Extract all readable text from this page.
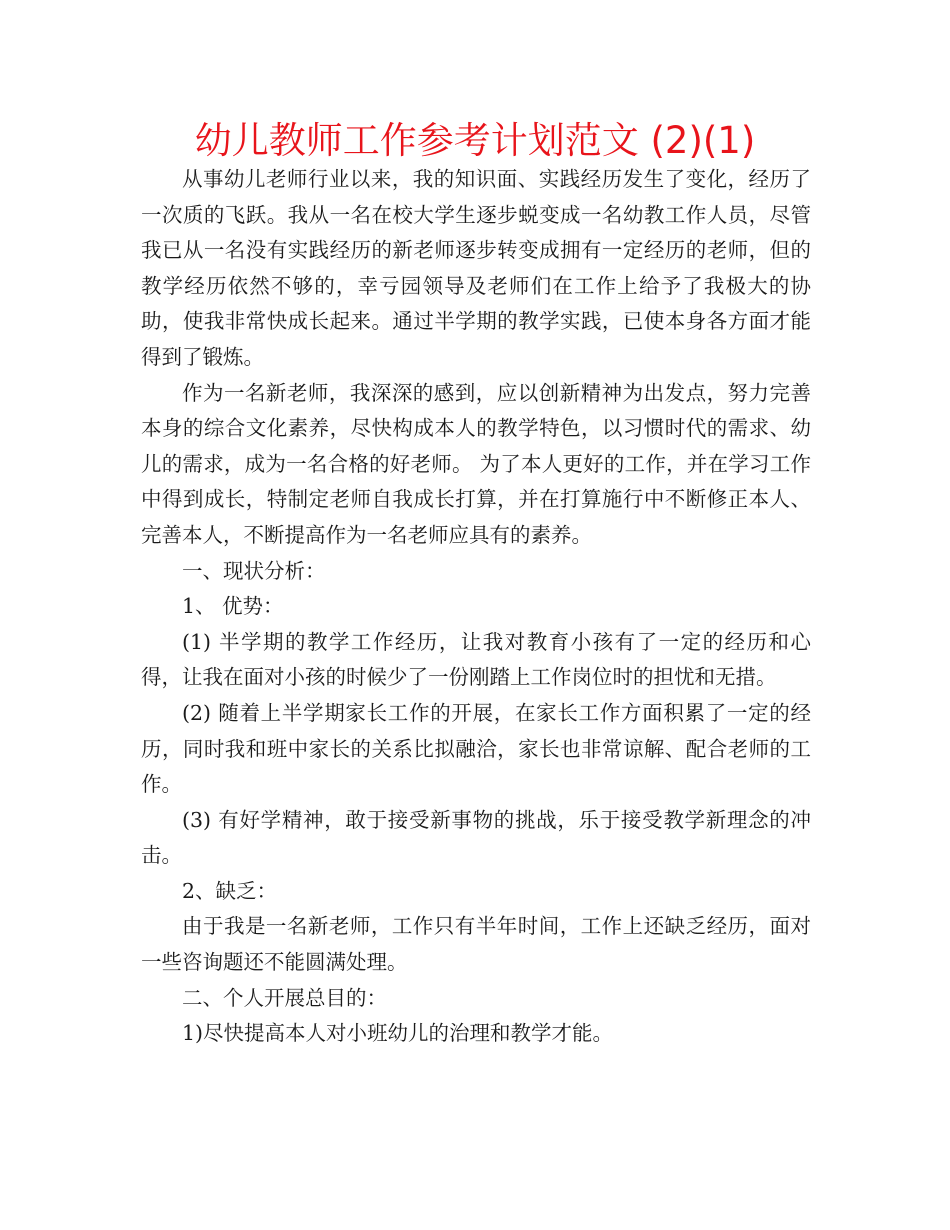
幼儿教师工作参考计划范文 (2)(1)

从事幼儿老师行业以来，我的知识面、实践经历发生了变化，经历了一次质的飞跃。我从一名在校大学生逐步蜕变成一名幼教工作人员，尽管我已从一名没有实践经历的新老师逐步转变成拥有一定经历的老师，但的教学经历依然不够的，幸亏园领导及老师们在工作上给予了我极大的协助，使我非常快成长起来。通过半学期的教学实践，已使本身各方面才能得到了锻炼。

作为一名新老师，我深深的感到，应以创新精神为出发点，努力完善本身的综合文化素养，尽快构成本人的教学特色，以习惯时代的需求、幼儿的需求，成为一名合格的好老师。 为了本人更好的工作，并在学习工作中得到成长，特制定老师自我成长打算，并在打算施行中不断修正本人、完善本人，不断提高作为一名老师应具有的素养。

一、现状分析：

1、 优势：

(1) 半学期的教学工作经历，让我对教育小孩有了一定的经历和心得，让我在面对小孩的时候少了一份刚踏上工作岗位时的担忧和无措。

(2) 随着上半学期家长工作的开展，在家长工作方面积累了一定的经历，同时我和班中家长的关系比拟融洽，家长也非常谅解、配合老师的工作。

(3) 有好学精神，敢于接受新事物的挑战，乐于接受教学新理念的冲击。

2、缺乏：

由于我是一名新老师，工作只有半年时间，工作上还缺乏经历，面对一些咨询题还不能圆满处理。

二、个人开展总目的：

1)尽快提高本人对小班幼儿的治理和教学才能。
